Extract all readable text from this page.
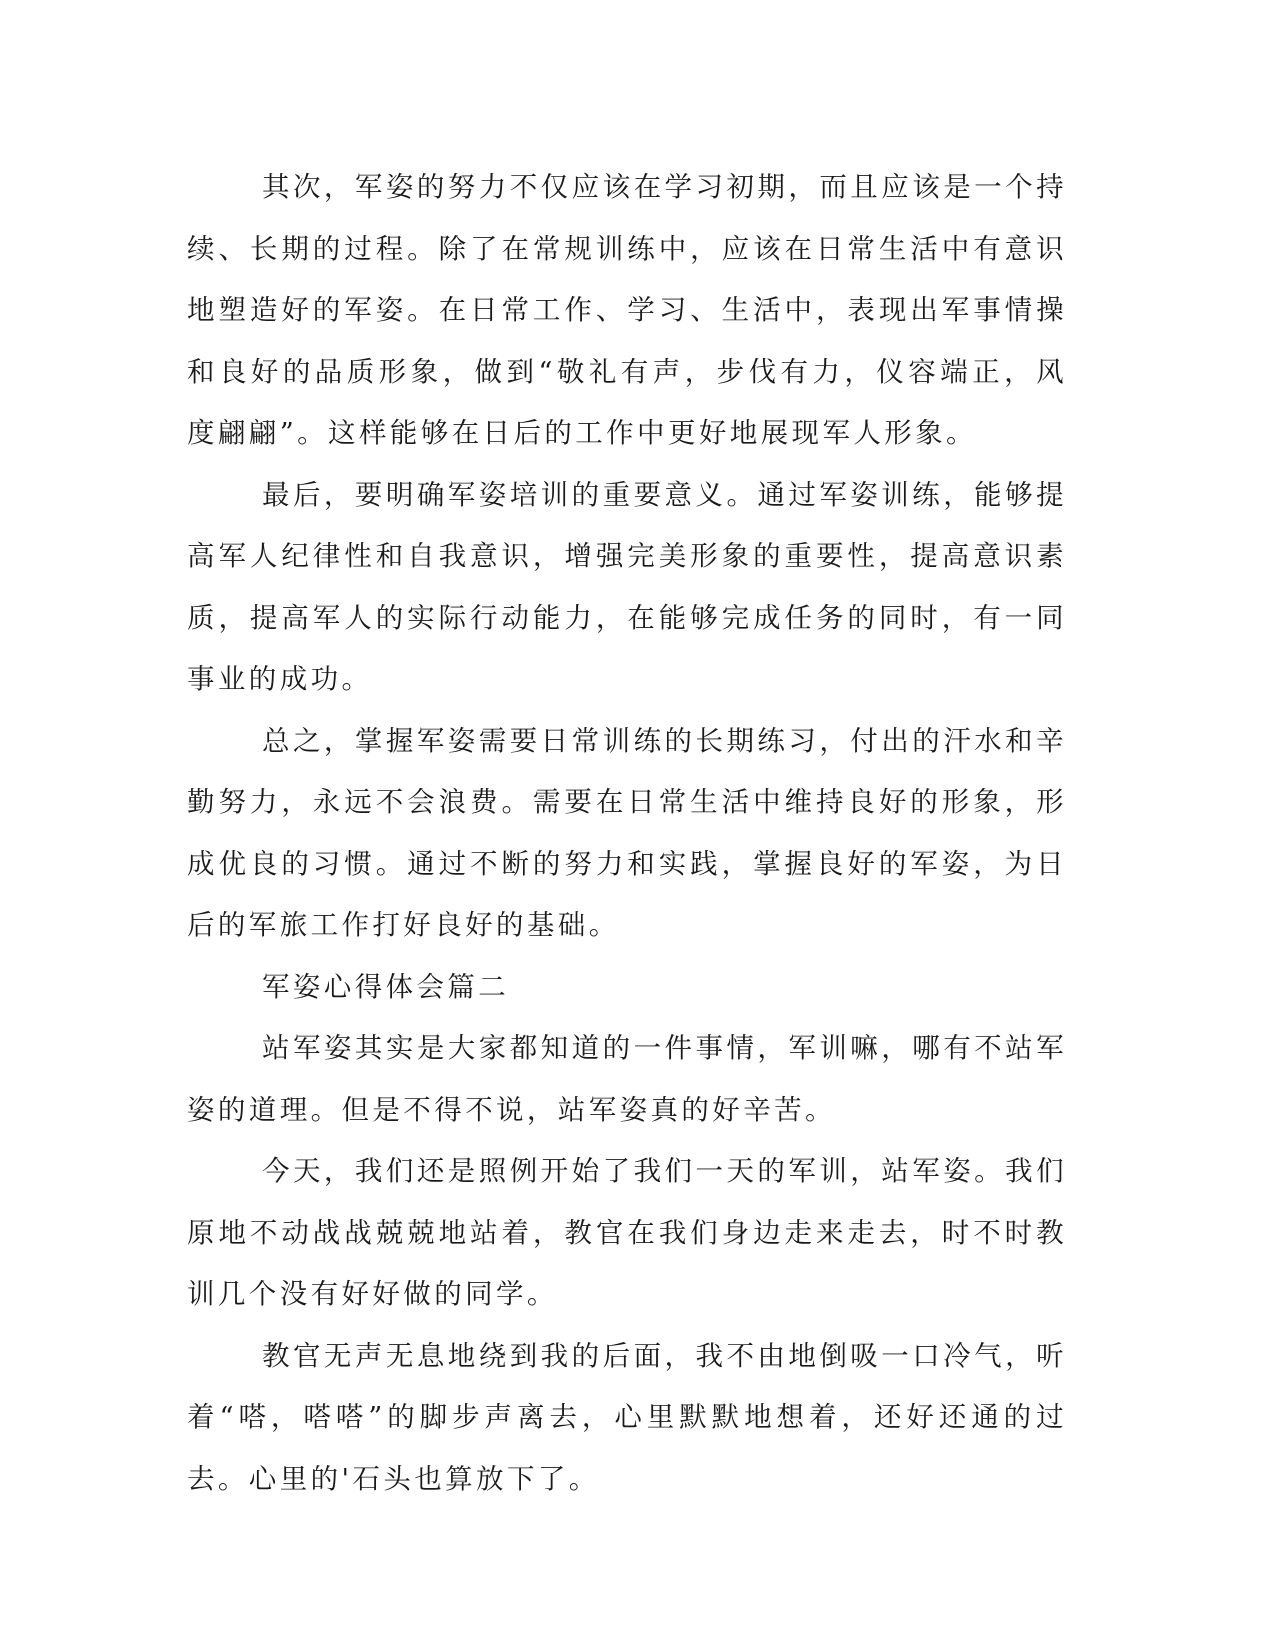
其次，军姿的努力不仅应该在学习初期，而且应该是一个持续、长期的过程。除了在常规训练中，应该在日常生活中有意识地塑造好的军姿。在日常工作、学习、生活中，表现出军事情操和良好的品质形象，做到“敬礼有声，步伐有力，仪容端正，风度翩翩”。这样能够在日后的工作中更好地展现军人形象。

最后，要明确军姿培训的重要意义。通过军姿训练，能够提高军人纪律性和自我意识，增强完美形象的重要性，提高意识素质，提高军人的实际行动能力，在能够完成任务的同时，有一同事业的成功。

总之，掌握军姿需要日常训练的长期练习，付出的汗水和辛勤努力，永远不会浪费。需要在日常生活中维持良好的形象，形成优良的习惯。通过不断的努力和实践，掌握良好的军姿，为日后的军旅工作打好良好的基础。

军姿心得体会篇二

站军姿其实是大家都知道的一件事情，军训嘛，哪有不站军姿的道理。但是不得不说，站军姿真的好辛苦。

今天，我们还是照例开始了我们一天的军训，站军姿。我们原地不动战战兢兢地站着，教官在我们身边走来走去，时不时教训几个没有好好做的同学。

教官无声无息地绕到我的后面，我不由地倒吸一口冷气，听着“嗒，嗒嗒”的脚步声离去，心里默默地想着，还好还通的过去。心里的'石头也算放下了。
